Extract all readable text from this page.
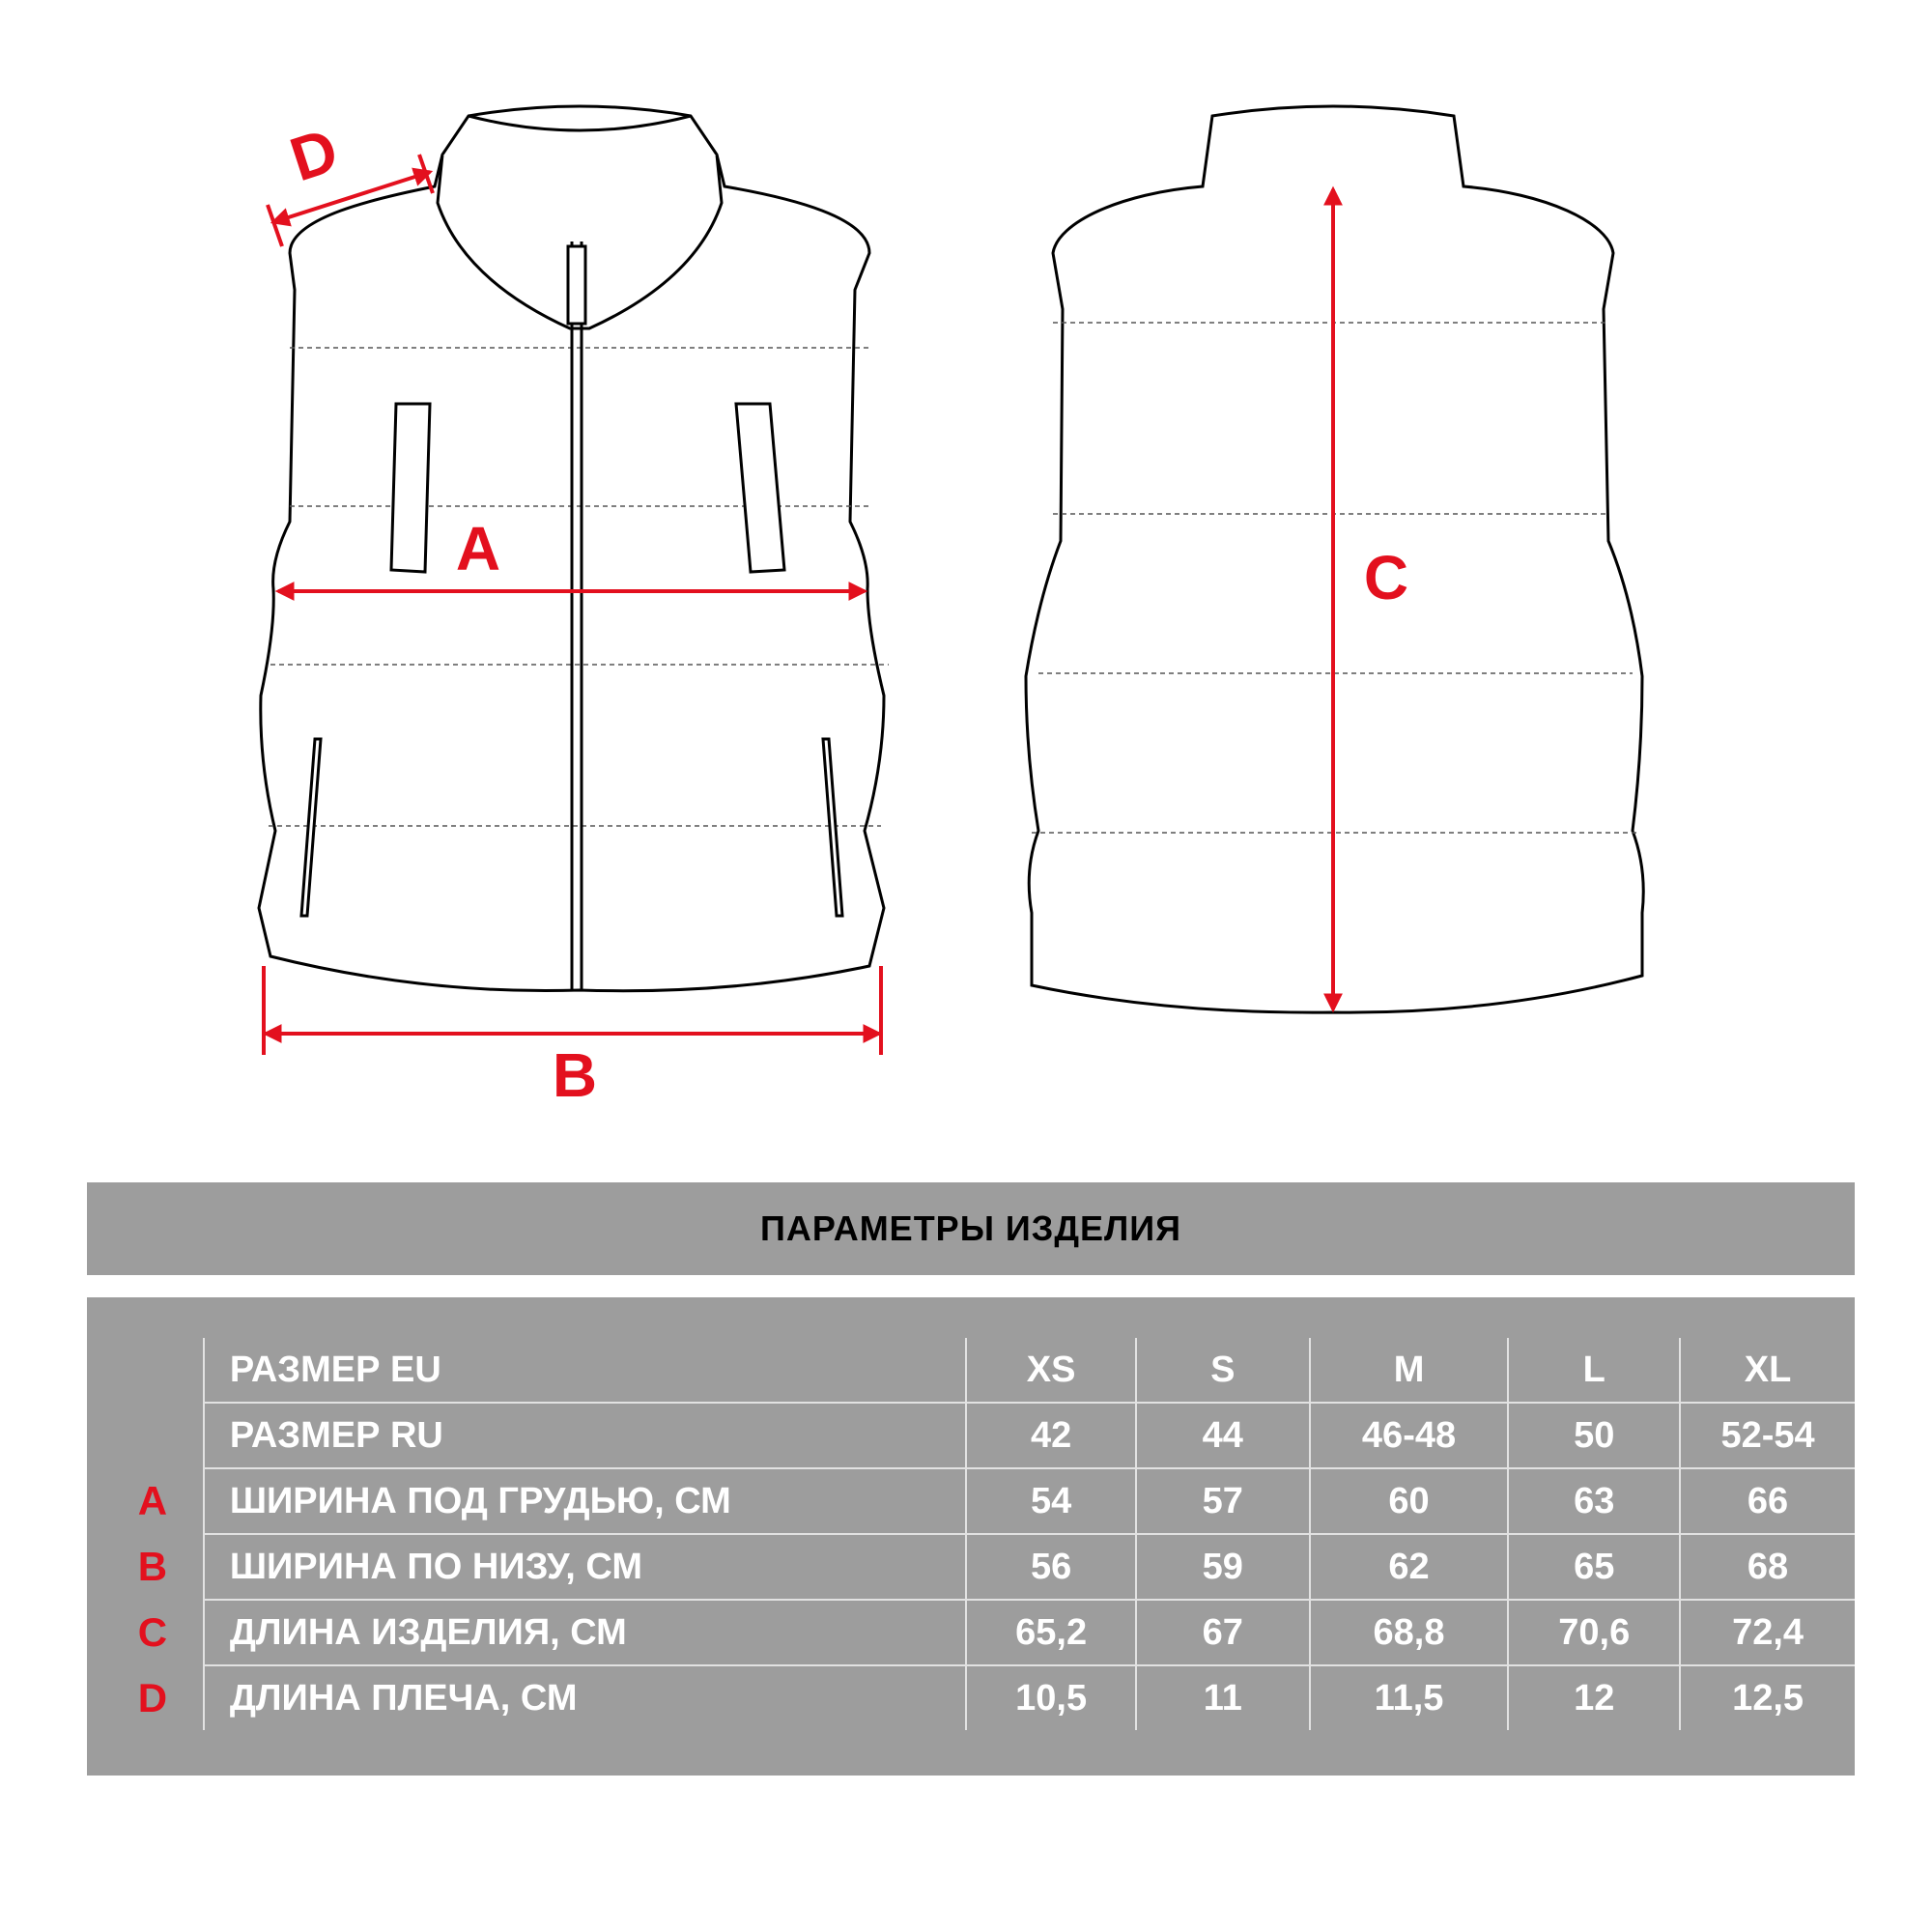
A
B
C
D
ПАРАМЕТРЫ ИЗДЕЛИЯ
	РАЗМЕР EU	XS	S	M	L	XL
	РАЗМЕР RU	42	44	46-48	50	52-54
A	ШИРИНА ПОД ГРУДЬЮ, СМ	54	57	60	63	66
B	ШИРИНА ПО НИЗУ, СМ	56	59	62	65	68
C	ДЛИНА ИЗДЕЛИЯ, СМ	65,2	67	68,8	70,6	72,4
D	ДЛИНА ПЛЕЧА, СМ	10,5	11	11,5	12	12,5
